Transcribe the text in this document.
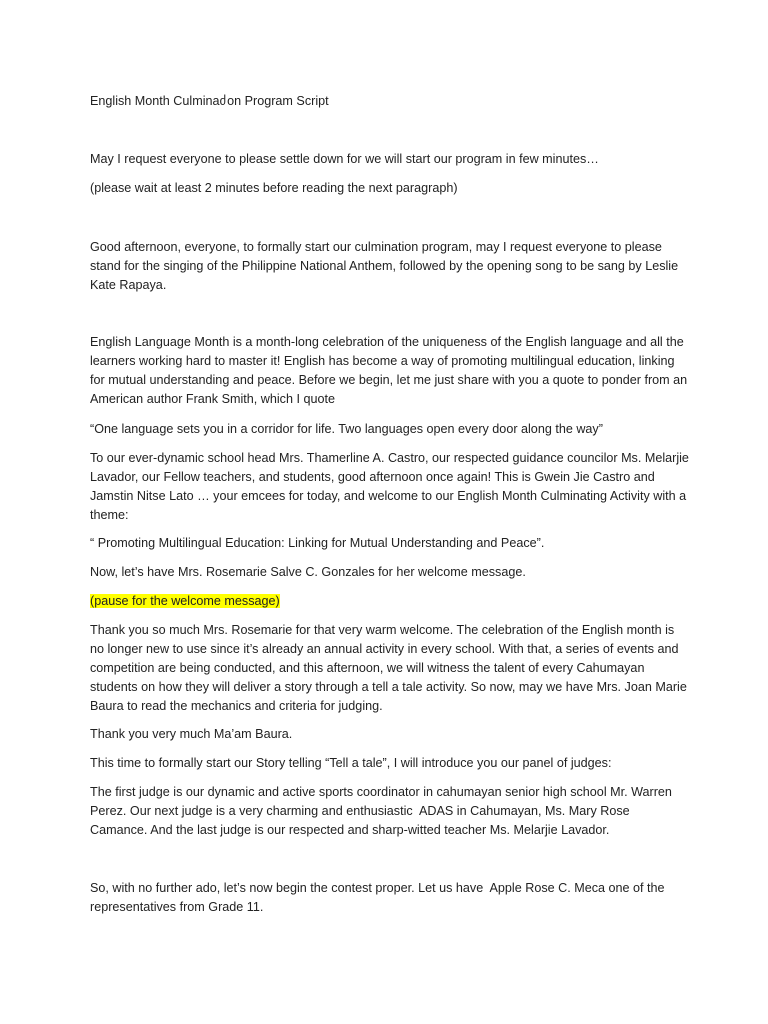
English Month Culminaძ on Program Script

May I request everyone to please settle down for we will start our program in few minutes…

(please wait at least 2 minutes before reading the next paragraph)

Good afternoon, everyone, to formally start our culmination program, may I request everyone to please stand for the singing of the Philippine National Anthem, followed by the opening song to be sang by Leslie Kate Rapaya.

English Language Month is a month-long celebration of the uniqueness of the English language and all the learners working hard to master it! English has become a way of promoting multilingual education, linking for mutual understanding and peace. Before we begin, let me just share with you a quote to ponder from an American author Frank Smith, which I quote

“One language sets you in a corridor for life. Two languages open every door along the way”

To our ever-dynamic school head Mrs. Thamerline A. Castro, our respected guidance councilor Ms. Melarjie Lavador, our Fellow teachers, and students, good afternoon once again! This is Gwein Jie Castro and Jamstin Nitse Lato … your emcees for today, and welcome to our English Month Culminating Activity with a theme:

“ Promoting Multilingual Education: Linking for Mutual Understanding and Peace”.

Now, let’s have Mrs. Rosemarie Salve C. Gonzales for her welcome message.

(pause for the welcome message)

Thank you so much Mrs. Rosemarie for that very warm welcome. The celebration of the English month is no longer new to use since it’s already an annual activity in every school. With that, a series of events and competition are being conducted, and this afternoon, we will witness the talent of every Cahumayan students on how they will deliver a story through a tell a tale activity. So now, may we have Mrs. Joan Marie Baura to read the mechanics and criteria for judging.

Thank you very much Ma’am Baura.

This time to formally start our Story telling “Tell a tale”, I will introduce you our panel of judges:

The first judge is our dynamic and active sports coordinator in cahumayan senior high school Mr. Warren Perez. Our next judge is a very charming and enthusiastic  ADAS in Cahumayan, Ms. Mary Rose Camance. And the last judge is our respected and sharp-witted teacher Ms. Melarjie Lavador.

So, with no further ado, let’s now begin the contest proper. Let us have  Apple Rose C. Meca one of the representatives from Grade 11.
